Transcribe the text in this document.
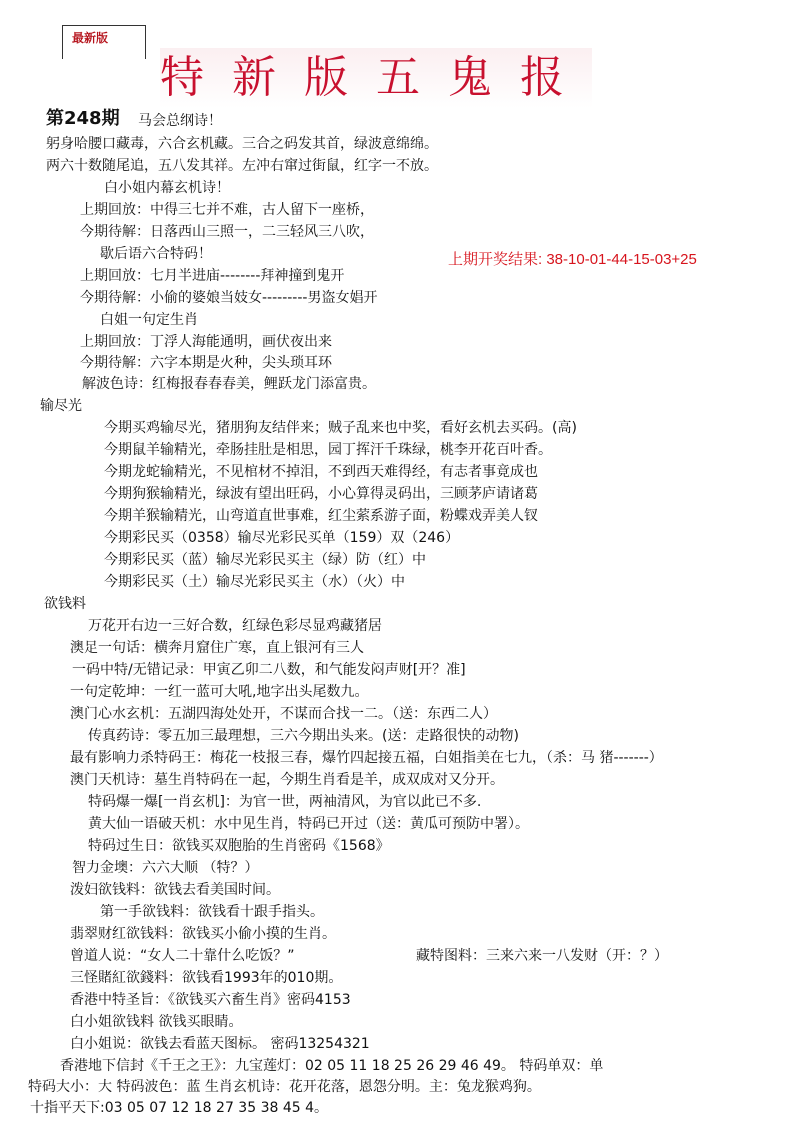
最新版
特 新 版 五 鬼 报
第248期 马会总纲诗！
上期开奖结果: 38-10-01-44-15-03+25
躬身哈腰口藏毒，六合玄机藏。三合之码发其首，绿波意绵绵。
两六十数随尾追，五八发其祥。左冲右窜过街鼠，红字一不放。
白小姐内幕玄机诗！
上期回放：中得三七并不难，古人留下一座桥，
今期待解：日落西山三照一，二三轻风三八吹，
歇后语六合特码！
上期回放：七月半进庙--------拜神撞到鬼开
今期待解：小偷的婆娘当妓女---------男盗女娼开
白姐一句定生肖
上期回放：丁浮人海能通明，画伏夜出来
今期待解：六字本期是火种，尖头琐耳环
解波色诗：红梅报春春春美，鲤跃龙门添富贵。
输尽光
今期买鸡输尽光，猪朋狗友结伴来；贼子乱来也中奖，看好玄机去买码。(高)
今期鼠羊输精光，牵肠挂肚是相思，园丁挥汗千珠绿，桃李开花百叶香。
今期龙蛇输精光，不见棺材不掉泪，不到西天难得经，有志者事竟成也
今期狗猴输精光，绿波有望出旺码，小心算得灵码出，三顾茅庐请诸葛
今期羊猴输精光，山弯道直世事难，红尘萦系游子面，粉蝶戏弄美人钗
今期彩民买（0358）输尽光彩民买单（159）双（246）
今期彩民买（蓝）输尽光彩民买主（绿）防（红）中
今期彩民买（土）输尽光彩民买主（水）（火）中
欲钱料
万花开右边一三好合数，红绿色彩尽显鸡藏猪居
澳足一句话：横奔月窟住广寒，直上银河有三人
一码中特/无错记录：甲寅乙卯二八数，和气能发闷声财[开？准]
一句定乾坤：一红一蓝可大吼,地字出头尾数九。
澳门心水玄机：五湖四海处处开，不谋而合找一二。（送：东西二人）
传真药诗：零五加三最理想，三六今期出头来。(送：走路很快的动物)
最有影响力杀特码王：梅花一枝报三春，爆竹四起接五福，白姐指美在七九，（杀：马 猪-------）
澳门天机诗：墓生肖特码在一起，今期生肖看是羊，成双成对又分开。
特码爆一爆[一肖玄机]：为官一世，两袖清风，为官以此已不多.
黄大仙一语破天机：水中见生肖，特码已开过（送：黄瓜可预防中署）。
特码过生日：欲钱买双胞胎的生肖密码《1568》
智力金墺：六六大顺 （特？）
泼妇欲钱料：欲钱去看美国时间。
第一手欲钱料：欲钱看十跟手指头。
翡翠财红欲钱料：欲钱买小偷小摸的生肖。
曾道人说：“女人二十靠什么吃饭？”	藏特图料：三来六来一八发财（开：？）
三怪賭紅欲錢料：欲钱看1993年的010期。
香港中特圣旨：《欲钱买六畜生肖》密码4153
白小姐欲钱料 欲钱买眼睛。
白小姐说：欲钱去看蓝天图标。 密码13254321
香港地下信封《千王之王》：九宝莲灯：02 05 11 18 25 26 29 46 49。 特码单双：单
特码大小：大 特码波色：蓝 生肖玄机诗：花开花落，恩怨分明。主：兔龙猴鸡狗。
十指平天下:03 05 07 12 18 27 35 38 45 4。
